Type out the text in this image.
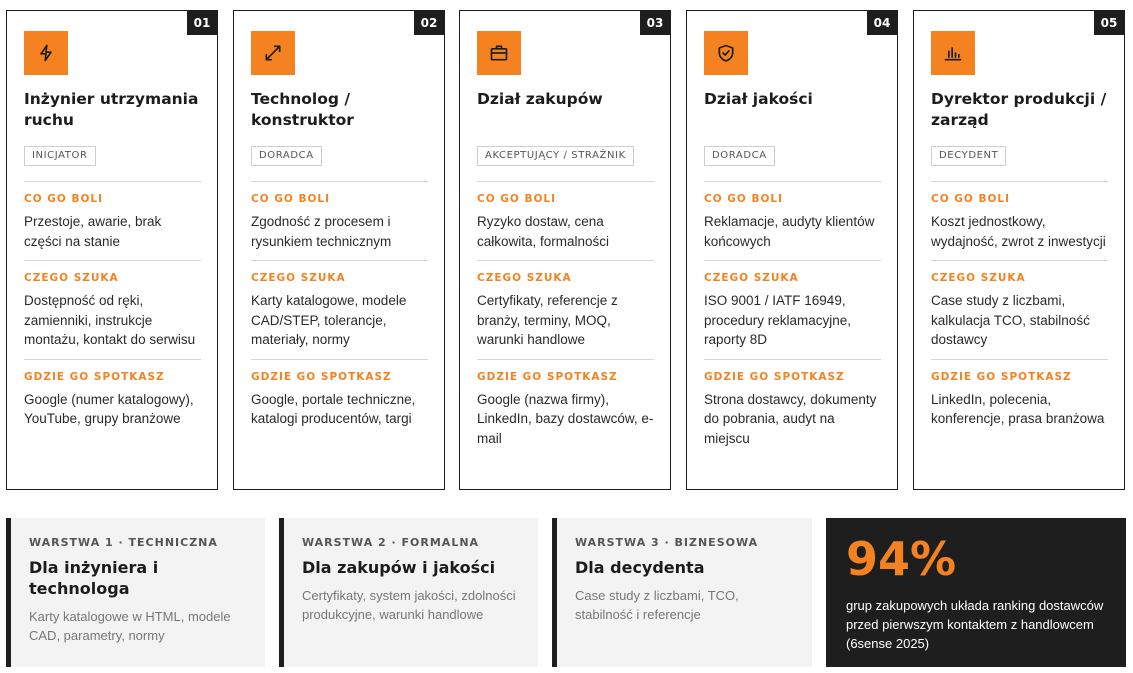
01
Inżynier utrzymania ruchu
INICJATOR
CO GO BOLI
Przestoje, awarie, brak części na stanie
CZEGO SZUKA
Dostępność od ręki, zamienniki, instrukcje montażu, kontakt do serwisu
GDZIE GO SPOTKASZ
Google (numer katalogowy), YouTube, grupy branżowe
02
Technolog / konstruktor
DORADCA
CO GO BOLI
Zgodność z procesem i rysunkiem technicznym
CZEGO SZUKA
Karty katalogowe, modele CAD/STEP, tolerancje, materiały, normy
GDZIE GO SPOTKASZ
Google, portale techniczne, katalogi producentów, targi
03
Dział zakupów
AKCEPTUJĄCY / STRAŻNIK
CO GO BOLI
Ryzyko dostaw, cena całkowita, formalności
CZEGO SZUKA
Certyfikaty, referencje z branży, terminy, MOQ, warunki handlowe
GDZIE GO SPOTKASZ
Google (nazwa firmy), LinkedIn, bazy dostawców, e-mail
04
Dział jakości
DORADCA
CO GO BOLI
Reklamacje, audyty klientów końcowych
CZEGO SZUKA
ISO 9001 / IATF 16949, procedury reklamacyjne, raporty 8D
GDZIE GO SPOTKASZ
Strona dostawcy, dokumenty do pobrania, audyt na miejscu
05
Dyrektor produkcji / zarząd
DECYDENT
CO GO BOLI
Koszt jednostkowy, wydajność, zwrot z inwestycji
CZEGO SZUKA
Case study z liczbami, kalkulacja TCO, stabilność dostawcy
GDZIE GO SPOTKASZ
LinkedIn, polecenia, konferencje, prasa branżowa
WARSTWA 1 · TECHNICZNA
Dla inżyniera i technologa
Karty katalogowe w HTML, modele CAD, parametry, normy
WARSTWA 2 · FORMALNA
Dla zakupów i jakości
Certyfikaty, system jakości, zdolności produkcyjne, warunki handlowe
WARSTWA 3 · BIZNESOWA
Dla decydenta
Case study z liczbami, TCO, stabilność i referencje
94%
grup zakupowych układa ranking dostawców przed pierwszym kontaktem z handlowcem (6sense 2025)
